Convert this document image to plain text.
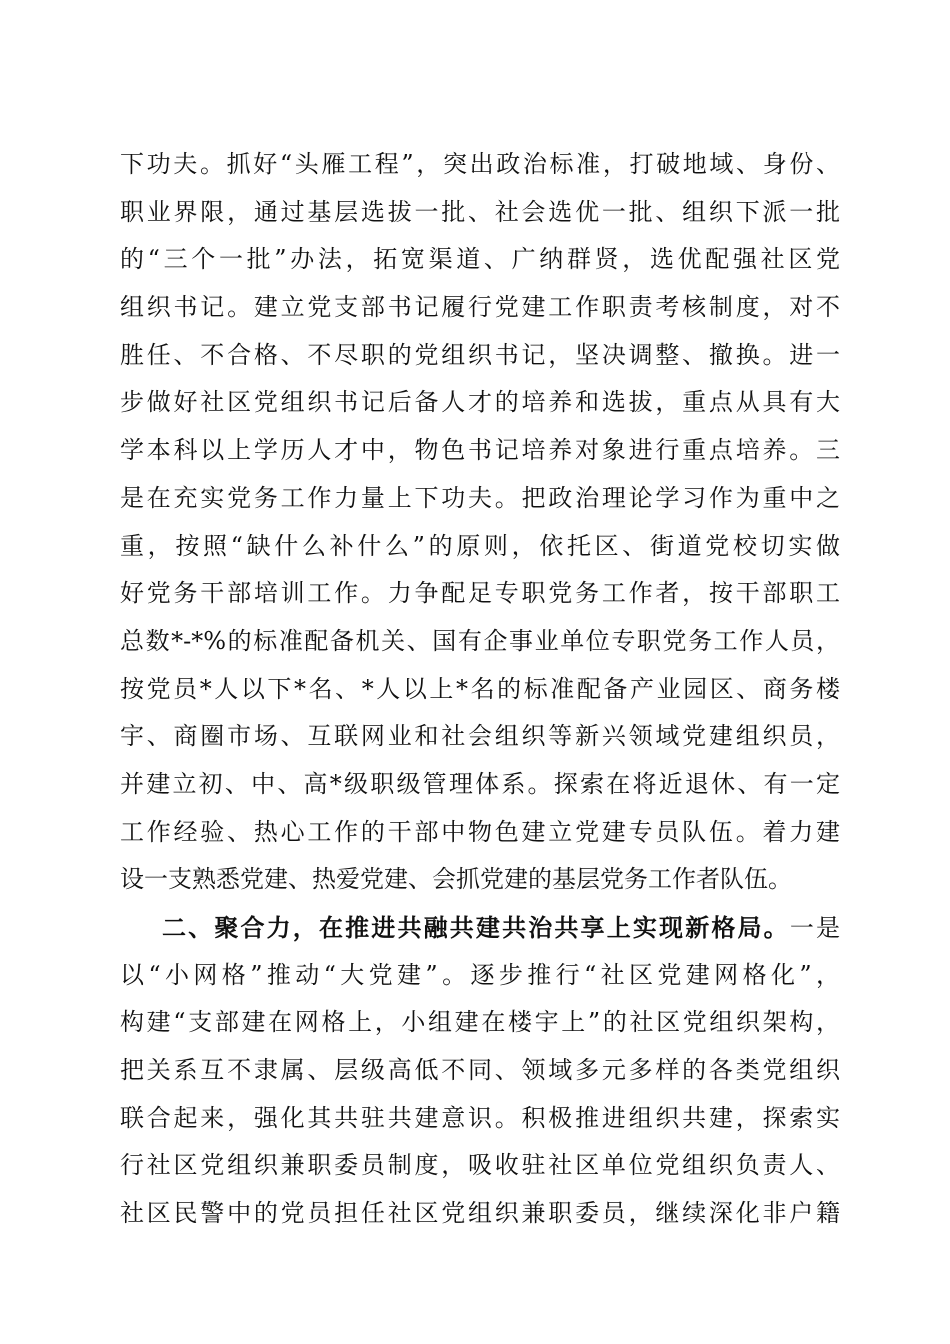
下功夫。抓好“头雁工程”，突出政治标准，打破地域、身份、
职业界限，通过基层选拔一批、社会选优一批、组织下派一批
的“三个一批”办法，拓宽渠道、广纳群贤，选优配强社区党
组织书记。建立党支部书记履行党建工作职责考核制度，对不
胜任、不合格、不尽职的党组织书记，坚决调整、撤换。进一
步做好社区党组织书记后备人才的培养和选拔，重点从具有大
学本科以上学历人才中，物色书记培养对象进行重点培养。三
是在充实党务工作力量上下功夫。把政治理论学习作为重中之
重，按照“缺什么补什么”的原则，依托区、街道党校切实做
好党务干部培训工作。力争配足专职党务工作者，按干部职工
总数*-*%的标准配备机关、国有企事业单位专职党务工作人员，
按党员*人以下*名、*人以上*名的标准配备产业园区、商务楼
宇、商圈市场、互联网业和社会组织等新兴领域党建组织员，
并建立初、中、高*级职级管理体系。探索在将近退休、有一定
工作经验、热心工作的干部中物色建立党建专员队伍。着力建
设一支熟悉党建、热爱党建、会抓党建的基层党务工作者队伍。
二、聚合力，在推进共融共建共治共享上实现新格局。一是
以“小网格”推动“大党建”。逐步推行“社区党建网格化”，
构建“支部建在网格上，小组建在楼宇上”的社区党组织架构，
把关系互不隶属、层级高低不同、领域多元多样的各类党组织
联合起来，强化其共驻共建意识。积极推进组织共建，探索实
行社区党组织兼职委员制度，吸收驻社区单位党组织负责人、
社区民警中的党员担任社区党组织兼职委员，继续深化非户籍
